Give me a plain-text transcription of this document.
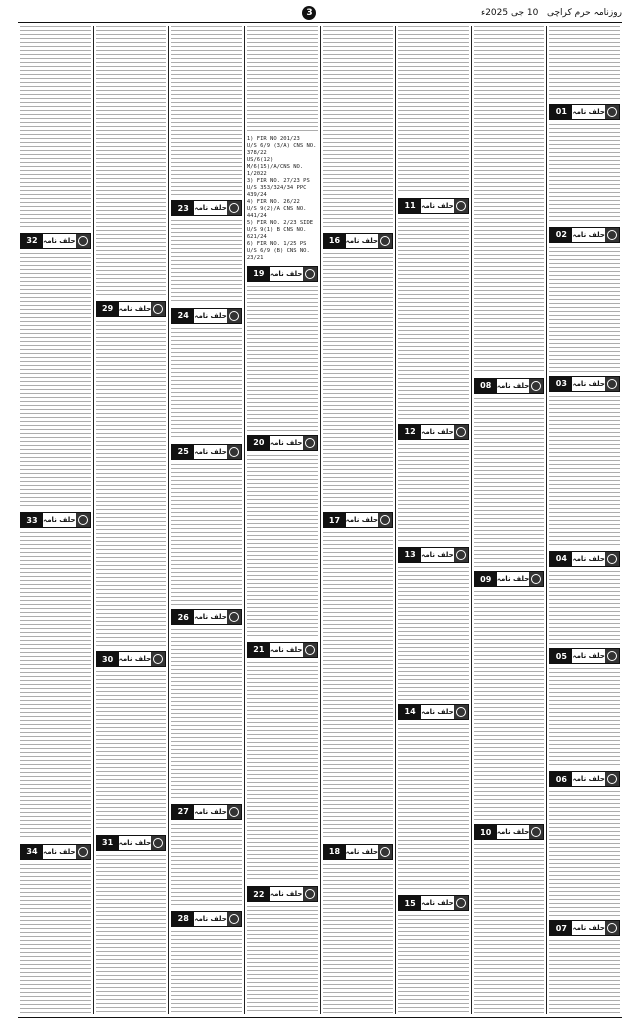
3	روزنامہ حرم کراچی   10 جی 2025ء
01 حلف نامہ
02 حلف نامہ
03 حلف نامہ
04 حلف نامہ
05 حلف نامہ
06 حلف نامہ
07 حلف نامہ
08 حلف نامہ
09 حلف نامہ
10 حلف نامہ
11 حلف نامہ
12 حلف نامہ
13 حلف نامہ
14 حلف نامہ
15 حلف نامہ
16 حلف نامہ
17 حلف نامہ
18 حلف نامہ
1) FIR NO 201/23
U/S 6/9 (3/A) CNS NO. 378/22
US/6(12) M/6(15)/A/CNS NO. 1/2022
3) FIR NO. 27/23 PS
U/S 353/324/34 PPC 439/24
4) FIR NO. 26/22
U/S 9(2)/A CNS NO. 441/24
5) FIR NO. 2/23 SIDE
U/S 9(1) B CNS NO. 621/24
6) FIR NO. 1/25 PS
U/S 6/9 (B) CNS NO. 23/21
19 حلف نامہ
20 حلف نامہ
21 حلف نامہ
22 حلف نامہ
23 حلف نامہ
24 حلف نامہ
25 حلف نامہ
26 حلف نامہ
27 حلف نامہ
28 حلف نامہ
29 حلف نامہ
30 حلف نامہ
31 حلف نامہ
32 حلف نامہ
33 حلف نامہ
34 حلف نامہ
